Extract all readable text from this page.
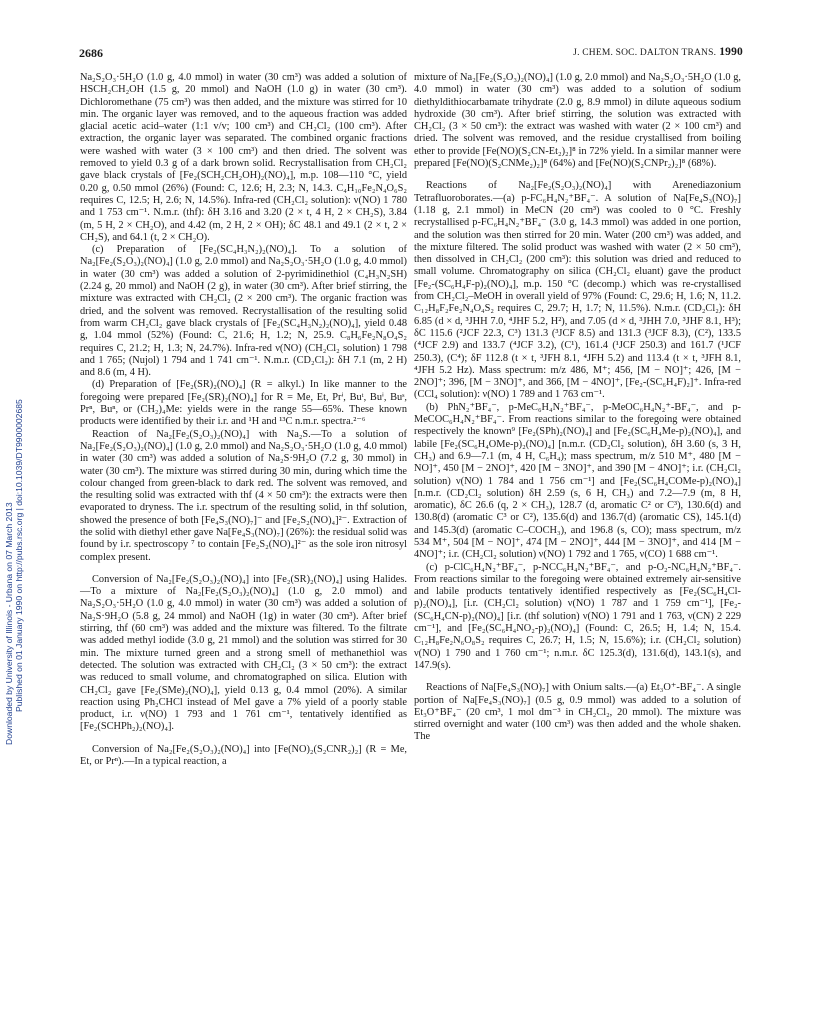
Downloaded by University of Illinois - Urbana on 07 March 2013 Published on 01 January 1990 on http://pubs.rsc.org | doi:10.1039/DT9900002685
2686	J. CHEM. SOC. DALTON TRANS. 1990

Na₂S₂O₃·5H₂O (1.0 g, 4.0 mmol) in water (30 cm³) was added a solution of HSCH₂CH₂OH (1.5 g, 20 mmol) and NaOH (1.0 g) in water (30 cm³). Dichloromethane (75 cm³) was then added, and the mixture was stirred for 10 min. The organic layer was removed, and to the aqueous fraction was added glacial acetic acid–water (1:1 v/v; 100 cm³) and CH₂Cl₂ (100 cm³). After extraction, the organic layer was separated. The combined organic fractions were washed with water (3 × 100 cm³) and then dried. The solvent was removed to yield 0.3 g of a dark brown solid. Recrystallisation from CH₂Cl₂ gave black crystals of [Fe₂(SCH₂CH₂OH)₂(NO)₄], m.p. 108—110 °C, yield 0.20 g, 0.50 mmol (26%) (Found: C, 12.6; H, 2.3; N, 14.3. C₄H₁₀Fe₂N₄O₆S₂ requires C, 12.5; H, 2.6; N, 14.5%). Infra-red (CH₂Cl₂ solution): ν(NO) 1 780 and 1 753 cm⁻¹. N.m.r. (thf): δH 3.16 and 3.20 (2 × t, 4 H, 2 × CH₂S), 3.84 (m, 5 H, 2 × CH₂O), and 4.42 (m, 2 H, 2 × OH); δC 48.1 and 49.1 (2 × t, 2 × CH₂S), and 64.1 (t, 2 × CH₂O).

(c) Preparation of [Fe₂(SC₄H₃N₂)₂(NO)₄]. To a solution of Na₂[Fe₂(S₂O₃)₂(NO)₄] (1.0 g, 2.0 mmol) and Na₂S₂O₃·5H₂O (1.0 g, 4.0 mmol) in water (30 cm³) was added a solution of 2-pyrimidinethiol (C₄H₃N₂SH) (2.24 g, 20 mmol) and NaOH (2 g), in water (30 cm³). After brief stirring, the mixture was extracted with CH₂Cl₂ (2 × 200 cm³). The organic fraction was dried, and the solvent was removed. Recrystallisation of the resulting solid from warm CH₂Cl₂ gave black crystals of [Fe₂(SC₄H₃N₂)₂(NO)₄], yield 0.48 g, 1.04 mmol (52%) (Found: C, 21.6; H, 1.2; N, 25.9. C₈H₆Fe₂N₈O₄S₂ requires C, 21.2; H, 1.3; N, 24.7%). Infra-red ν(NO) (CH₂Cl₂ solution) 1 798 and 1 765; (Nujol) 1 794 and 1 741 cm⁻¹. N.m.r. (CD₂Cl₂): δH 7.1 (m, 2 H) and 8.6 (m, 4 H).

(d) Preparation of [Fe₂(SR)₂(NO)₄] (R = alkyl.) In like manner to the foregoing were prepared [Fe₂(SR)₂(NO)₄] for R = Me, Et, Prⁱ, Buᵗ, Buⁱ, Buˢ, Prⁿ, Buⁿ, or (CH₂)₄Me: yields were in the range 55—65%. These known products were identified by their i.r. and ¹H and ¹³C n.m.r. spectra.²⁻⁶

Reaction of Na₂[Fe₂(S₂O₃)₂(NO)₄] with Na₂S.—To a solution of Na₂[Fe₂(S₂O₃)₂(NO)₄] (1.0 g, 2.0 mmol) and Na₂S₂O₃·5H₂O (1.0 g, 4.0 mmol) in water (30 cm³) was added a solution of Na₂S·9H₂O (7.2 g, 30 mmol) in water (30 cm³). The mixture was stirred during 30 min, during which time the colour changed from green-black to dark red. The solvent was removed, and the resulting solid was extracted with thf (4 × 50 cm³): the extracts were then evaporated to dryness. The i.r. spectrum of the resulting solid, in thf solution, showed the presence of both [Fe₄S₃(NO)₇]⁻ and [Fe₂S₂(NO)₄]²⁻. Extraction of the solid with diethyl ether gave Na[Fe₄S₃(NO)₇] (26%): the residual solid was found by i.r. spectroscopy ⁷ to contain [Fe₂S₂(NO)₄]²⁻ as the sole iron nitrosyl complex present.

Conversion of Na₂[Fe₂(S₂O₃)₂(NO)₄] into [Fe₂(SR)₂(NO)₄] using Halides.—To a mixture of Na₂[Fe₂(S₂O₃)₂(NO)₄] (1.0 g, 2.0 mmol) and Na₂S₂O₃·5H₂O (1.0 g, 4.0 mmol) in water (30 cm³) was added a solution of Na₂S·9H₂O (5.8 g, 24 mmol) and NaOH (1g) in water (30 cm³). After brief stirring, thf (60 cm³) was added and the mixture was filtered. To the filtrate was added methyl iodide (3.0 g, 21 mmol) and the solution was stirred for 30 min. The mixture turned green and a strong smell of methanethiol was detected. The solution was extracted with CH₂Cl₂ (3 × 50 cm³): the extract was reduced to small volume, and chromatographed on silica. Elution with CH₂Cl₂ gave [Fe₂(SMe)₂(NO)₄], yield 0.13 g, 0.4 mmol (20%). A similar reaction using Ph₂CHCl instead of MeI gave a 7% yield of a poorly stable product, i.r. ν(NO) 1 793 and 1 761 cm⁻¹, tentatively identified as [Fe₂(SCHPh₂)₂(NO)₄].

Conversion of Na₂[Fe₂(S₂O₃)₂(NO)₄] into [Fe(NO)₂(S₂CNR₂)₂] (R = Me, Et, or Prⁿ).—In a typical reaction, a

mixture of Na₂[Fe₂(S₂O₃)₂(NO)₄] (1.0 g, 2.0 mmol) and Na₂S₂O₃·5H₂O (1.0 g, 4.0 mmol) in water (30 cm³) was added to a solution of sodium diethyldithiocarbamate trihydrate (2.0 g, 8.9 mmol) in dilute aqueous sodium hydroxide (30 cm³). After brief stirring, the solution was extracted with CH₂Cl₂ (3 × 50 cm³): the extract was washed with water (2 × 100 cm³) and dried. The solvent was removed, and the residue crystallised from boiling ether to provide [Fe(NO)(S₂CN-Et₂)₂]⁸ in 72% yield. In a similar manner were prepared [Fe(NO)(S₂CNMe₂)₂]⁸ (64%) and [Fe(NO)(S₂CNPr₂)₂]⁸ (68%).

Reactions of Na₂[Fe₂(S₂O₃)₂(NO)₄] with Arenediazonium Tetrafluoroborates.—(a) p-FC₆H₄N₂⁺BF₄⁻. A solution of Na[Fe₄S₃(NO)₇] (1.18 g, 2.1 mmol) in MeCN (20 cm³) was cooled to 0 °C. Freshly recrystallised p-FC₆H₄N₂⁺BF₄⁻ (3.0 g, 14.3 mmol) was added in one portion, and the solution was then stirred for 20 min. Water (200 cm³) was added, and the mixture filtered. The solid product was washed with water (2 × 50 cm³), then dissolved in CH₂Cl₂ (200 cm³): this solution was dried and reduced to small volume. Chromatography on silica (CH₂Cl₂ eluant) gave the product [Fe₂-(SC₆H₄F-p)₂(NO)₄], m.p. 150 °C (decomp.) which was re-crystallised from CH₂Cl₂–MeOH in overall yield of 97% (Found: C, 29.6; H, 1.6; N, 11.2. C₁₂H₈F₂Fe₂N₄O₄S₂ requires C, 29.7; H, 1.7; N, 11.5%). N.m.r. (CD₂Cl₂): δH 6.85 (d × d, ³JHH 7.0, ⁴JHF 5.2, H²), and 7.05 (d × d, ³JHH 7.0, ³JHF 8.1, H³); δC 115.6 (²JCF 22.3, C³) 131.3 (³JCF 8.5) and 131.3 (³JCF 8.3), (C²), 133.5 (⁴JCF 2.9) and 133.7 (⁴JCF 3.2), (C¹), 161.4 (¹JCF 250.3) and 161.7 (¹JCF 250.3), (C⁴); δF 112.8 (t × t, ³JFH 8.1, ⁴JFH 5.2) and 113.4 (t × t, ³JFH 8.1, ⁴JFH 5.2 Hz). Mass spectrum: m/z 486, M⁺; 456, [M − NO]⁺; 426, [M − 2NO]⁺; 396, [M − 3NO]⁺, and 366, [M − 4NO]⁺, [Fe₂-(SC₆H₄F)₂]⁺. Infra-red (CCl₄ solution): ν(NO) 1 789 and 1 763 cm⁻¹.

(b) PhN₂⁺BF₄⁻, p-MeC₆H₄N₂⁺BF₄⁻, p-MeOC₆H₄N₂⁺-BF₄⁻, and p-MeCOC₆H₄N₂⁺BF₄⁻. From reactions similar to the foregoing were obtained respectively the known⁹ [Fe₂(SPh)₂(NO)₄] and [Fe₂(SC₆H₄Me-p)₂(NO)₄], and labile [Fe₂(SC₆H₄OMe-p)₂(NO)₄] [n.m.r. (CD₂Cl₂ solution), δH 3.60 (s, 3 H, CH₃) and 6.9—7.1 (m, 4 H, C₆H₄); mass spectrum, m/z 510 M⁺, 480 [M − NO]⁺, 450 [M − 2NO]⁺, 420 [M − 3NO]⁺, and 390 [M − 4NO]⁺; i.r. (CH₂Cl₂ solution) ν(NO) 1 784 and 1 756 cm⁻¹] and [Fe₂(SC₆H₄COMe-p)₂(NO)₄] [n.m.r. (CD₂Cl₂ solution) δH 2.59 (s, 6 H, CH₃) and 7.2—7.9 (m, 8 H, aromatic), δC 26.6 (q, 2 × CH₃), 128.7 (d, aromatic C² or C³), 130.6(d) and 130.8(d) (aromatic C³ or C²), 135.6(d) and 136.7(d) (aromatic CS), 145.1(d) and 145.3(d) (aromatic C–COCH₃), and 196.8 (s, CO); mass spectrum, m/z 534 M⁺, 504 [M − NO]⁺, 474 [M − 2NO]⁺, 444 [M − 3NO]⁺, and 414 [M − 4NO]⁺; i.r. (CH₂Cl₂ solution) ν(NO) 1 792 and 1 765, ν(CO) 1 688 cm⁻¹.

(c) p-ClC₆H₄N₂⁺BF₄⁻, p-NCC₆H₄N₂⁺BF₄⁻, and p-O₂-NC₆H₄N₂⁺BF₄⁻. From reactions similar to the foregoing were obtained extremely air-sensitive and labile products tentatively identified respectively as [Fe₂(SC₆H₄Cl-p)₂(NO)₄], [i.r. (CH₂Cl₂ solution) ν(NO) 1 787 and 1 759 cm⁻¹], [Fe₂-(SC₆H₄CN-p)₂(NO)₄] [i.r. (thf solution) ν(NO) 1 791 and 1 763, ν(CN) 2 229 cm⁻¹], and [Fe₂(SC₆H₄NO₂-p)₂(NO)₄] (Found: C, 26.5; H, 1.4; N, 15.4. C₁₂H₈Fe₂N₆O₈S₂ requires C, 26.7; H, 1.5; N, 15.6%); i.r. (CH₂Cl₂ solution) ν(NO) 1 790 and 1 760 cm⁻¹; n.m.r. δC 125.3(d), 131.6(d), 143.1(s), and 147.9(s).

Reactions of Na[Fe₄S₃(NO)₇] with Onium salts.—(a) Et₃O⁺-BF₄⁻. A single portion of Na[Fe₄S₃(NO)₇] (0.5 g, 0.9 mmol) was added to a solution of Et₃O⁺BF₄⁻ (20 cm³, 1 mol dm⁻³ in CH₂Cl₂, 20 mmol). The mixture was stirred overnight and water (100 cm³) was then added and the whole shaken. The
